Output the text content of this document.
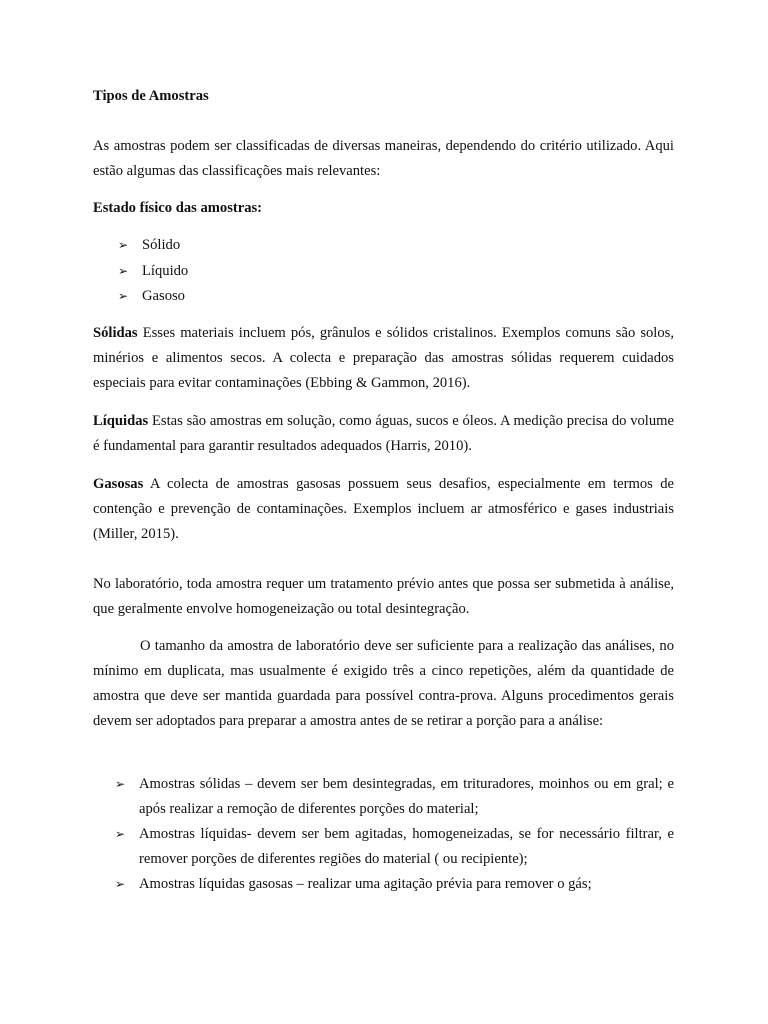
Tipos de Amostras

As amostras podem ser classificadas de diversas maneiras, dependendo do critério utilizado. Aqui estão algumas das classificações mais relevantes:

Estado físico das amostras:

➢ Sólido
➢ Líquido
➢ Gasoso

Sólidas Esses materiais incluem pós, grânulos e sólidos cristalinos. Exemplos comuns são solos, minérios e alimentos secos. A colecta e preparação das amostras sólidas requerem cuidados especiais para evitar contaminações (Ebbing & Gammon, 2016).

Líquidas Estas são amostras em solução, como águas, sucos e óleos. A medição precisa do volume é fundamental para garantir resultados adequados (Harris, 2010).

Gasosas A colecta de amostras gasosas possuem seus desafios, especialmente em termos de contenção e prevenção de contaminações. Exemplos incluem ar atmosférico e gases industriais (Miller, 2015).

No laboratório, toda amostra requer um tratamento prévio antes que possa ser submetida à análise, que geralmente envolve homogeneização ou total desintegração.

O tamanho da amostra de laboratório deve ser suficiente para a realização das análises, no mínimo em duplicata, mas usualmente é exigido três a cinco repetições, além da quantidade de amostra que deve ser mantida guardada para possível contra-prova. Alguns procedimentos gerais devem ser adoptados para preparar a amostra antes de se retirar a porção para a análise:

➢ Amostras sólidas – devem ser bem desintegradas, em trituradores, moinhos ou em gral; e após realizar a remoção de diferentes porções do material;
➢ Amostras líquidas- devem ser bem agitadas, homogeneizadas, se for necessário filtrar, e remover porções de diferentes regiões do material ( ou recipiente);
➢ Amostras líquidas gasosas – realizar uma agitação prévia para remover o gás;
